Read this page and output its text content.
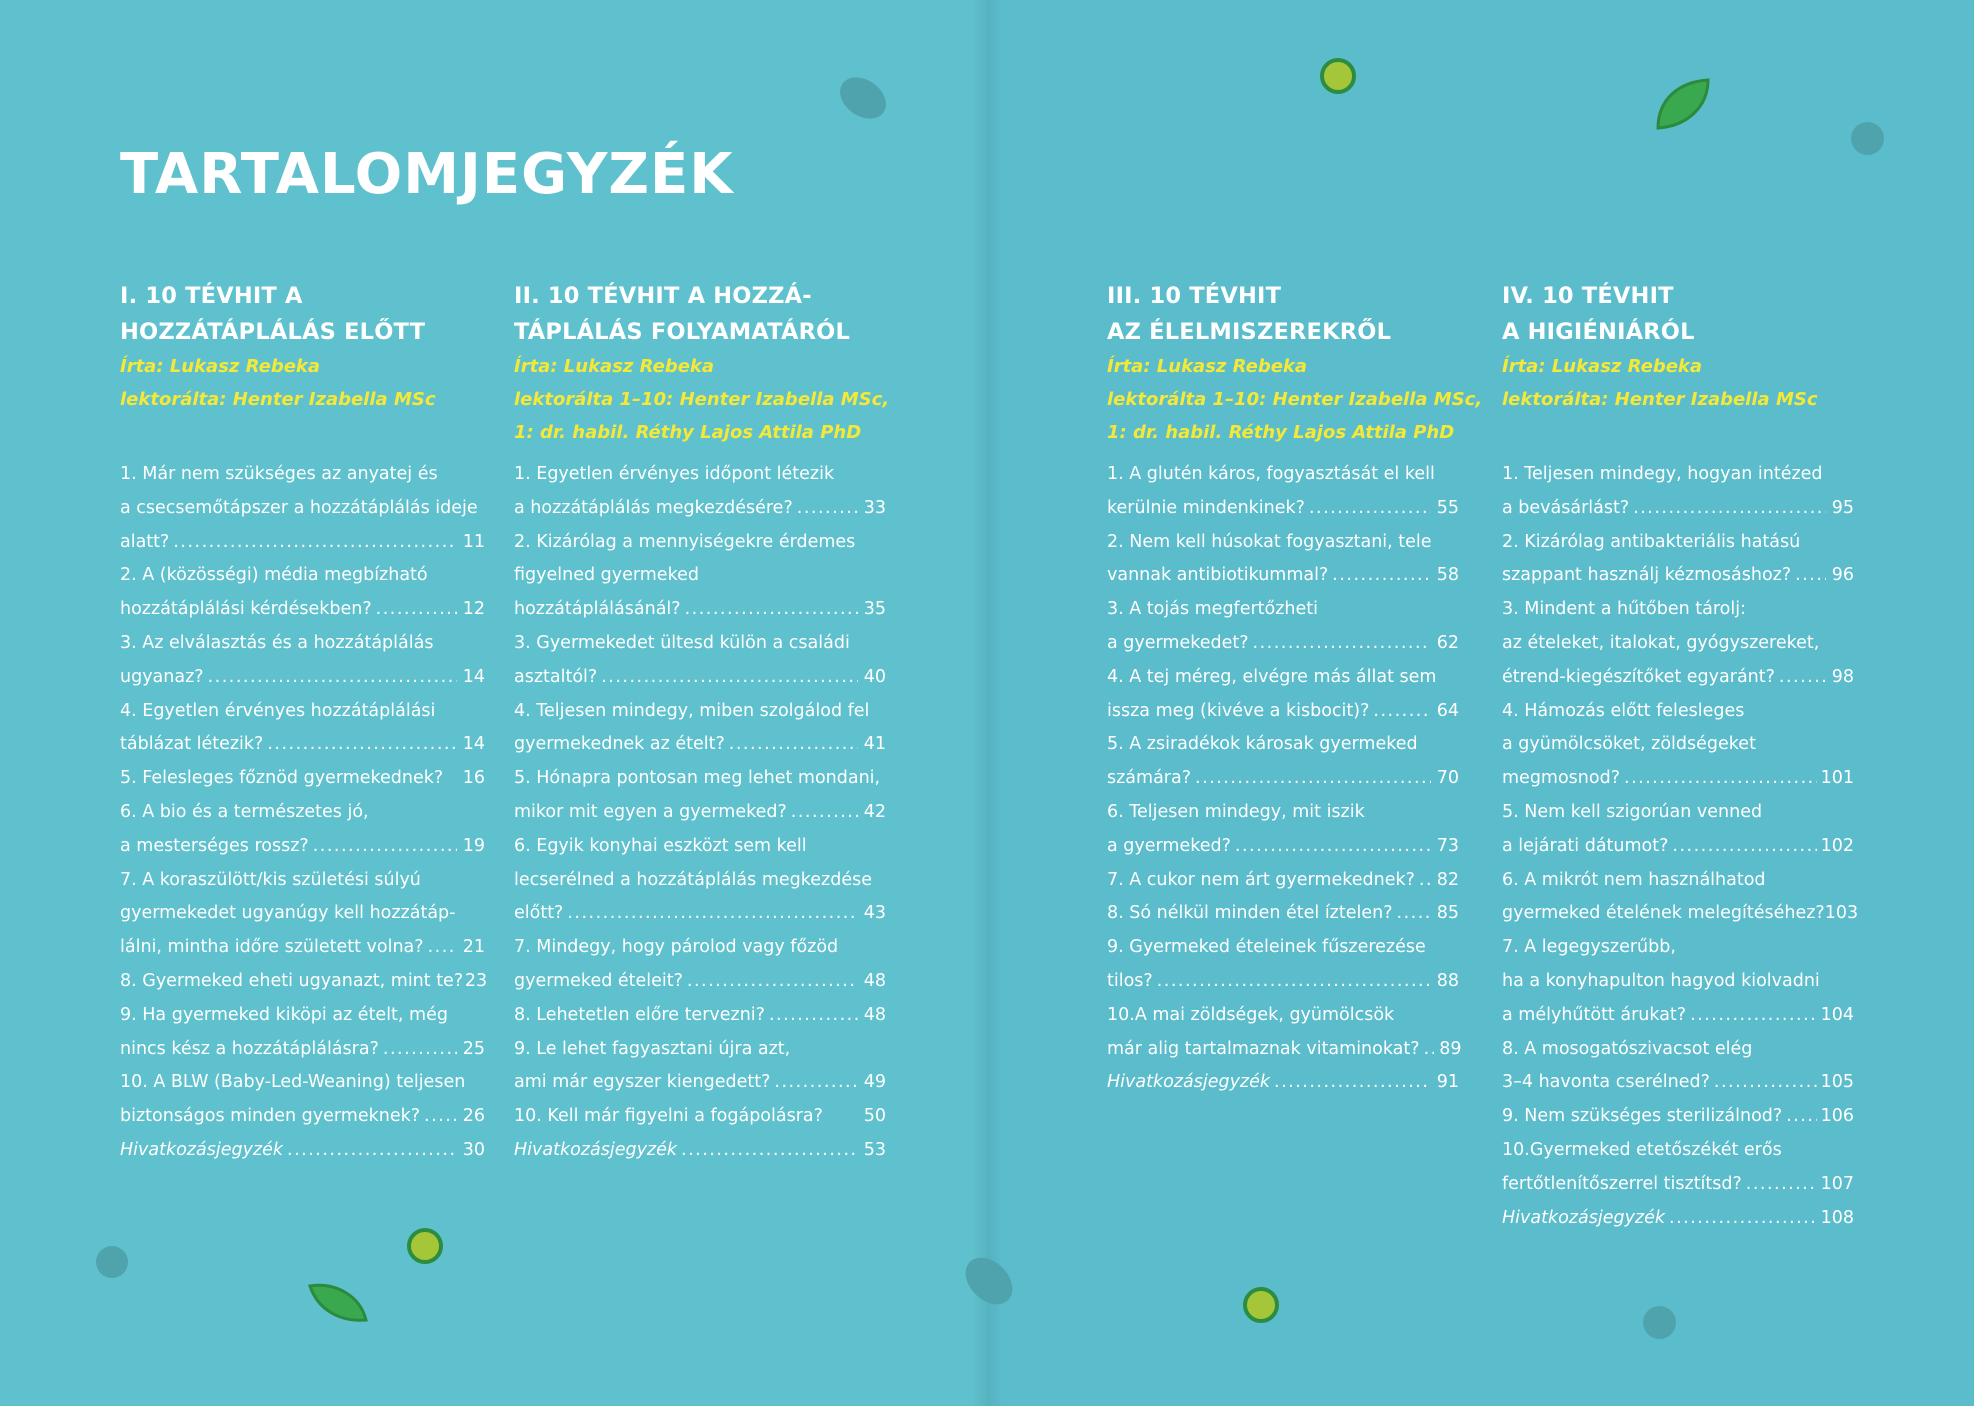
TARTALOMJEGYZÉK
I. 10 TÉVHIT A
HOZZÁTÁPLÁLÁS ELŐTT
Írta: Lukasz Rebeka
lektorálta: Henter Izabella MSc
1. Már nem szükséges az anyatej és
a csecsemőtápszer a hozzátáplálás ideje
alatt? .....	11
2. A (közösségi) média megbízható
hozzátáplálási kérdésekben? .....	12
3. Az elválasztás és a hozzátáplálás
ugyanaz? .....	14
4. Egyetlen érvényes hozzátáplálási
táblázat létezik? .....	14
5. Felesleges főznöd gyermekednek? 16
6. A bio és a természetes jó,
a mesterséges rossz? .....	19
7. A koraszülött/kis születési súlyú
gyermekedet ugyanúgy kell hozzátáp-
lálni, mintha időre született volna? ..... 21
8. Gyermeked eheti ugyanazt, mint te? 23
9. Ha gyermeked kiköpi az ételt, még
nincs kész a hozzátáplálásra? .....	25
10. A BLW (Baby-Led-Weaning) teljesen
biztonságos minden gyermeknek? ..... 26
Hivatkozásjegyzék .....	30
II. 10 TÉVHIT A HOZZÁ-
TÁPLÁLÁS FOLYAMATÁRÓL
Írta: Lukasz Rebeka
lektorálta 1–10: Henter Izabella MSc,
1: dr. habil. Réthy Lajos Attila PhD
1. Egyetlen érvényes időpont létezik
a hozzátáplálás megkezdésére? .....	33
2. Kizárólag a mennyiségekre érdemes
figyelned gyermeked
hozzátáplálásánál? .....	35
3. Gyermekedet ültesd külön a családi
asztaltól? .....	40
4. Teljesen mindegy, miben szolgálod fel
gyermekednek az ételt? .....	41
5. Hónapra pontosan meg lehet mondani,
mikor mit egyen a gyermeked? .....	42
6. Egyik konyhai eszközt sem kell
lecserélned a hozzátáplálás megkezdése
előtt? .....	43
7. Mindegy, hogy párolod vagy főzöd
gyermeked ételeit? .....	48
8. Lehetetlen előre tervezni? .....	48
9. Le lehet fagyasztani újra azt,
ami már egyszer kiengedett? .....	49
10. Kell már figyelni a fogápolásra? 50
Hivatkozásjegyzék .....	53
III. 10 TÉVHIT
AZ ÉLELMISZEREKRŐL
Írta: Lukasz Rebeka
lektorálta 1–10: Henter Izabella MSc,
1: dr. habil. Réthy Lajos Attila PhD
1. A glutén káros, fogyasztását el kell
kerülnie mindenkinek? .....	55
2. Nem kell húsokat fogyasztani, tele
vannak antibiotikummal? .....	58
3. A tojás megfertőzheti
a gyermekedet? .....	62
4. A tej méreg, elvégre más állat sem
issza meg (kivéve a kisbocit)? .....	64
5. A zsiradékok károsak gyermeked
számára? .....	70
6. Teljesen mindegy, mit iszik
a gyermeked? .....	73
7. A cukor nem árt gyermekednek? ..... 82
8. Só nélkül minden étel íztelen? .....	85
9. Gyermeked ételeinek fűszerezése
tilos? .....	88
10.A mai zöldségek, gyümölcsök
már alig tartalmaznak vitaminokat? ..... 89
Hivatkozásjegyzék .....	91
IV. 10 TÉVHIT
A HIGIÉNIÁRÓL
Írta: Lukasz Rebeka
lektorálta: Henter Izabella MSc
1. Teljesen mindegy, hogyan intézed
a bevásárlást? .....	95
2. Kizárólag antibakteriális hatású
szappant használj kézmosáshoz? ..... 96
3. Mindent a hűtőben tárolj:
az ételeket, italokat, gyógyszereket,
étrend-kiegészítőket egyaránt? .....	98
4. Hámozás előtt felesleges
a gyümölcsöket, zöldségeket
megmosnod? .....	101
5. Nem kell szigorúan venned
a lejárati dátumot? .....	102
6. A mikrót nem használhatod
gyermeked ételének melegítéséhez? 103
7. A legegyszerűbb,
ha a konyhapulton hagyod kiolvadni
a mélyhűtött árukat? .....	104
8. A mosogatószivacsot elég
3–4 havonta cserélned? .....	105
9. Nem szükséges sterilizálnod? ..... 106
10.Gyermeked etetőszékét erős
fertőtlenítőszerrel tisztítsd? .....	107
Hivatkozásjegyzék .....	108
